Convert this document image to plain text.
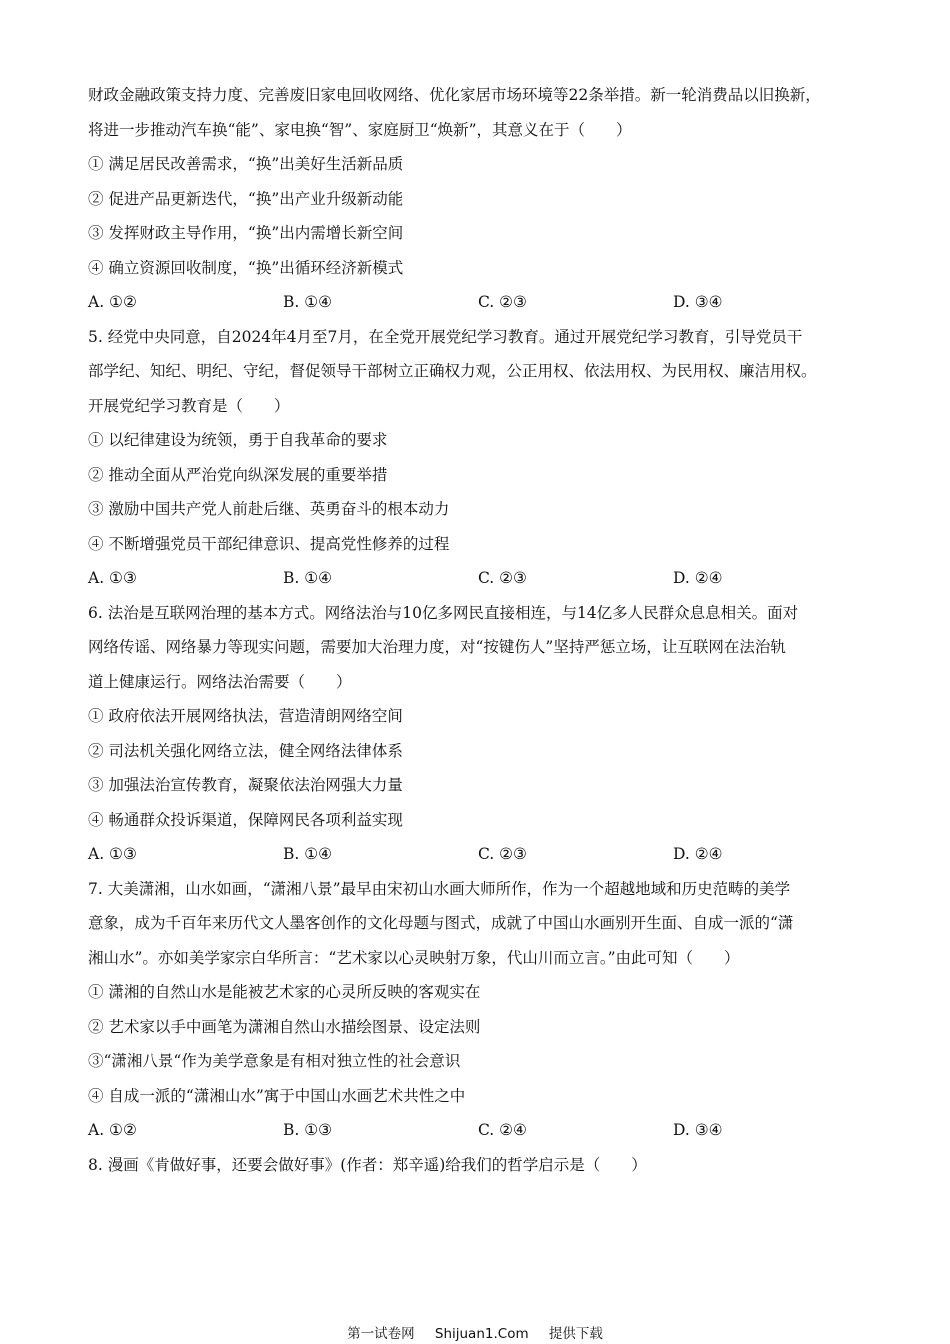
财政金融政策支持力度、完善废旧家电回收网络、优化家居市场环境等22条举措。新一轮消费品以旧换新，
将进一步推动汽车换“能”、家电换“智”、家庭厨卫“焕新”，其意义在于（　　）
① 满足居民改善需求，“换”出美好生活新品质
② 促进产品更新迭代，“换”出产业升级新动能
③ 发挥财政主导作用，“换”出内需增长新空间
④ 确立资源回收制度，“换”出循环经济新模式
A. ①②	B. ①④	C. ②③	D. ③④
5. 经党中央同意，自2024年4月至7月，在全党开展党纪学习教育。通过开展党纪学习教育，引导党员干
部学纪、知纪、明纪、守纪，督促领导干部树立正确权力观，公正用权、依法用权、为民用权、廉洁用权。
开展党纪学习教育是（　　）
① 以纪律建设为统领，勇于自我革命的要求
② 推动全面从严治党向纵深发展的重要举措
③ 激励中国共产党人前赴后继、英勇奋斗的根本动力
④ 不断增强党员干部纪律意识、提高党性修养的过程
A. ①③	B. ①④	C. ②③	D. ②④
6. 法治是互联网治理的基本方式。网络法治与10亿多网民直接相连，与14亿多人民群众息息相关。面对
网络传谣、网络暴力等现实问题，需要加大治理力度，对“按键伤人”坚持严惩立场，让互联网在法治轨
道上健康运行。网络法治需要（　　）
① 政府依法开展网络执法，营造清朗网络空间
② 司法机关强化网络立法，健全网络法律体系
③ 加强法治宣传教育，凝聚依法治网强大力量
④ 畅通群众投诉渠道，保障网民各项利益实现
A. ①③	B. ①④	C. ②③	D. ②④
7. 大美潇湘，山水如画，“潇湘八景”最早由宋初山水画大师所作，作为一个超越地域和历史范畴的美学
意象，成为千百年来历代文人墨客创作的文化母题与图式，成就了中国山水画别开生面、自成一派的“潇
湘山水”。亦如美学家宗白华所言：“艺术家以心灵映射万象，代山川而立言。”由此可知（　　）
① 潇湘的自然山水是能被艺术家的心灵所反映的客观实在
② 艺术家以手中画笔为潇湘自然山水描绘图景、设定法则
③“潇湘八景“作为美学意象是有相对独立性的社会意识
④ 自成一派的“潇湘山水”寓于中国山水画艺术共性之中
A. ①②	B. ①③	C. ②④	D. ③④
8. 漫画《肯做好事，还要会做好事》(作者：郑辛遥)给我们的哲学启示是（　　）
第一试卷网 Shijuan1.Com 提供下载
